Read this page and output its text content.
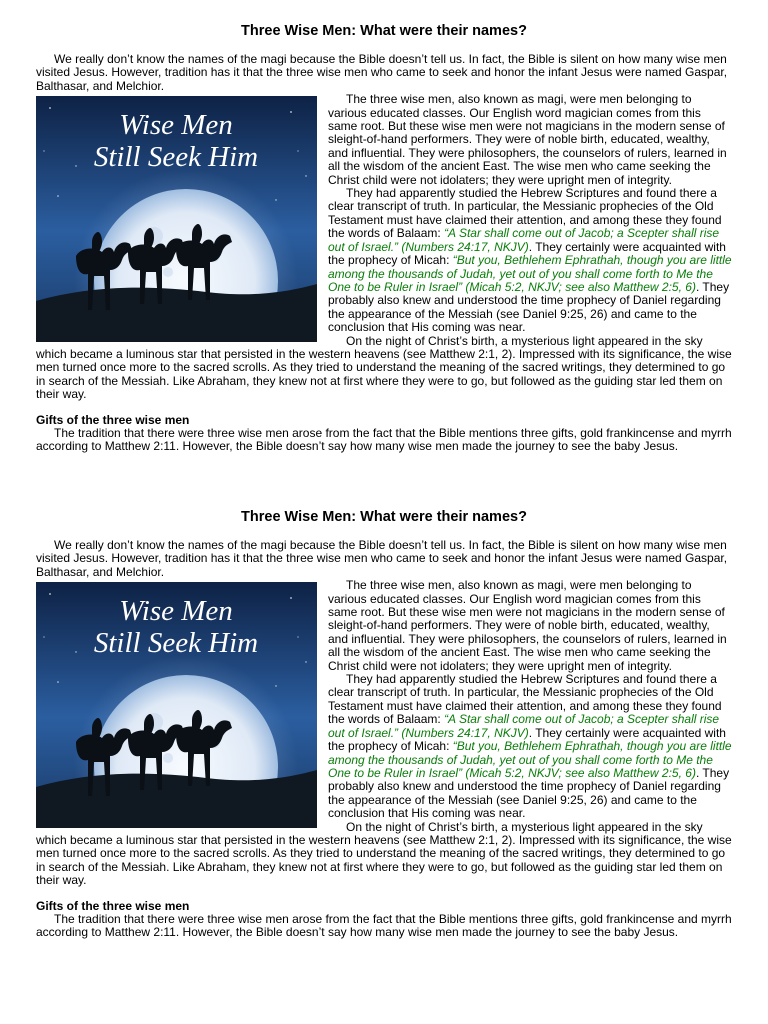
Three Wise Men: What were their names?

We really don’t know the names of the magi because the Bible doesn’t tell us. In fact, the Bible is silent on how many wise men visited Jesus. However, tradition has it that the three wise men who came to seek and honor the infant Jesus were named Gaspar, Balthasar, and Melchior.

Wise Men
Still Seek Him

The three wise men, also known as magi, were men belonging to various educated classes. Our English word magician comes from this same root. But these wise men were not magicians in the modern sense of sleight-of-hand performers. They were of noble birth, educated, wealthy, and influential. They were philosophers, the counselors of rulers, learned in all the wisdom of the ancient East. The wise men who came seeking the Christ child were not idolaters; they were upright men of integrity.

They had apparently studied the Hebrew Scriptures and found there a clear transcript of truth. In particular, the Messianic prophecies of the Old Testament must have claimed their attention, and among these they found the words of Balaam: “A Star shall come out of Jacob; a Scepter shall rise out of Israel.” (Numbers 24:17, NKJV). They certainly were acquainted with the prophecy of Micah: “But you, Bethlehem Ephrathah, though you are little among the thousands of Judah, yet out of you shall come forth to Me the One to be Ruler in Israel” (Micah 5:2, NKJV; see also Matthew 2:5, 6). They probably also knew and understood the time prophecy of Daniel regarding the appearance of the Messiah (see Daniel 9:25, 26) and came to the conclusion that His coming was near.

On the night of Christ’s birth, a mysterious light appeared in the sky which became a luminous star that persisted in the western heavens (see Matthew 2:1, 2). Impressed with its significance, the wise men turned once more to the sacred scrolls. As they tried to understand the meaning of the sacred writings, they determined to go in search of the Messiah. Like Abraham, they knew not at first where they were to go, but followed as the guiding star led them on their way.

Gifts of the three wise men

The tradition that there were three wise men arose from the fact that the Bible mentions three gifts, gold frankincense and myrrh according to Matthew 2:11. However, the Bible doesn’t say how many wise men made the journey to see the baby Jesus.

Three Wise Men: What were their names?

We really don’t know the names of the magi because the Bible doesn’t tell us. In fact, the Bible is silent on how many wise men visited Jesus. However, tradition has it that the three wise men who came to seek and honor the infant Jesus were named Gaspar, Balthasar, and Melchior.

Wise Men
Still Seek Him

The three wise men, also known as magi, were men belonging to various educated classes. Our English word magician comes from this same root. But these wise men were not magicians in the modern sense of sleight-of-hand performers. They were of noble birth, educated, wealthy, and influential. They were philosophers, the counselors of rulers, learned in all the wisdom of the ancient East. The wise men who came seeking the Christ child were not idolaters; they were upright men of integrity.

They had apparently studied the Hebrew Scriptures and found there a clear transcript of truth. In particular, the Messianic prophecies of the Old Testament must have claimed their attention, and among these they found the words of Balaam: “A Star shall come out of Jacob; a Scepter shall rise out of Israel.” (Numbers 24:17, NKJV). They certainly were acquainted with the prophecy of Micah: “But you, Bethlehem Ephrathah, though you are little among the thousands of Judah, yet out of you shall come forth to Me the One to be Ruler in Israel” (Micah 5:2, NKJV; see also Matthew 2:5, 6). They probably also knew and understood the time prophecy of Daniel regarding the appearance of the Messiah (see Daniel 9:25, 26) and came to the conclusion that His coming was near.

On the night of Christ’s birth, a mysterious light appeared in the sky which became a luminous star that persisted in the western heavens (see Matthew 2:1, 2). Impressed with its significance, the wise men turned once more to the sacred scrolls. As they tried to understand the meaning of the sacred writings, they determined to go in search of the Messiah. Like Abraham, they knew not at first where they were to go, but followed as the guiding star led them on their way.

Gifts of the three wise men

The tradition that there were three wise men arose from the fact that the Bible mentions three gifts, gold frankincense and myrrh according to Matthew 2:11. However, the Bible doesn’t say how many wise men made the journey to see the baby Jesus.
